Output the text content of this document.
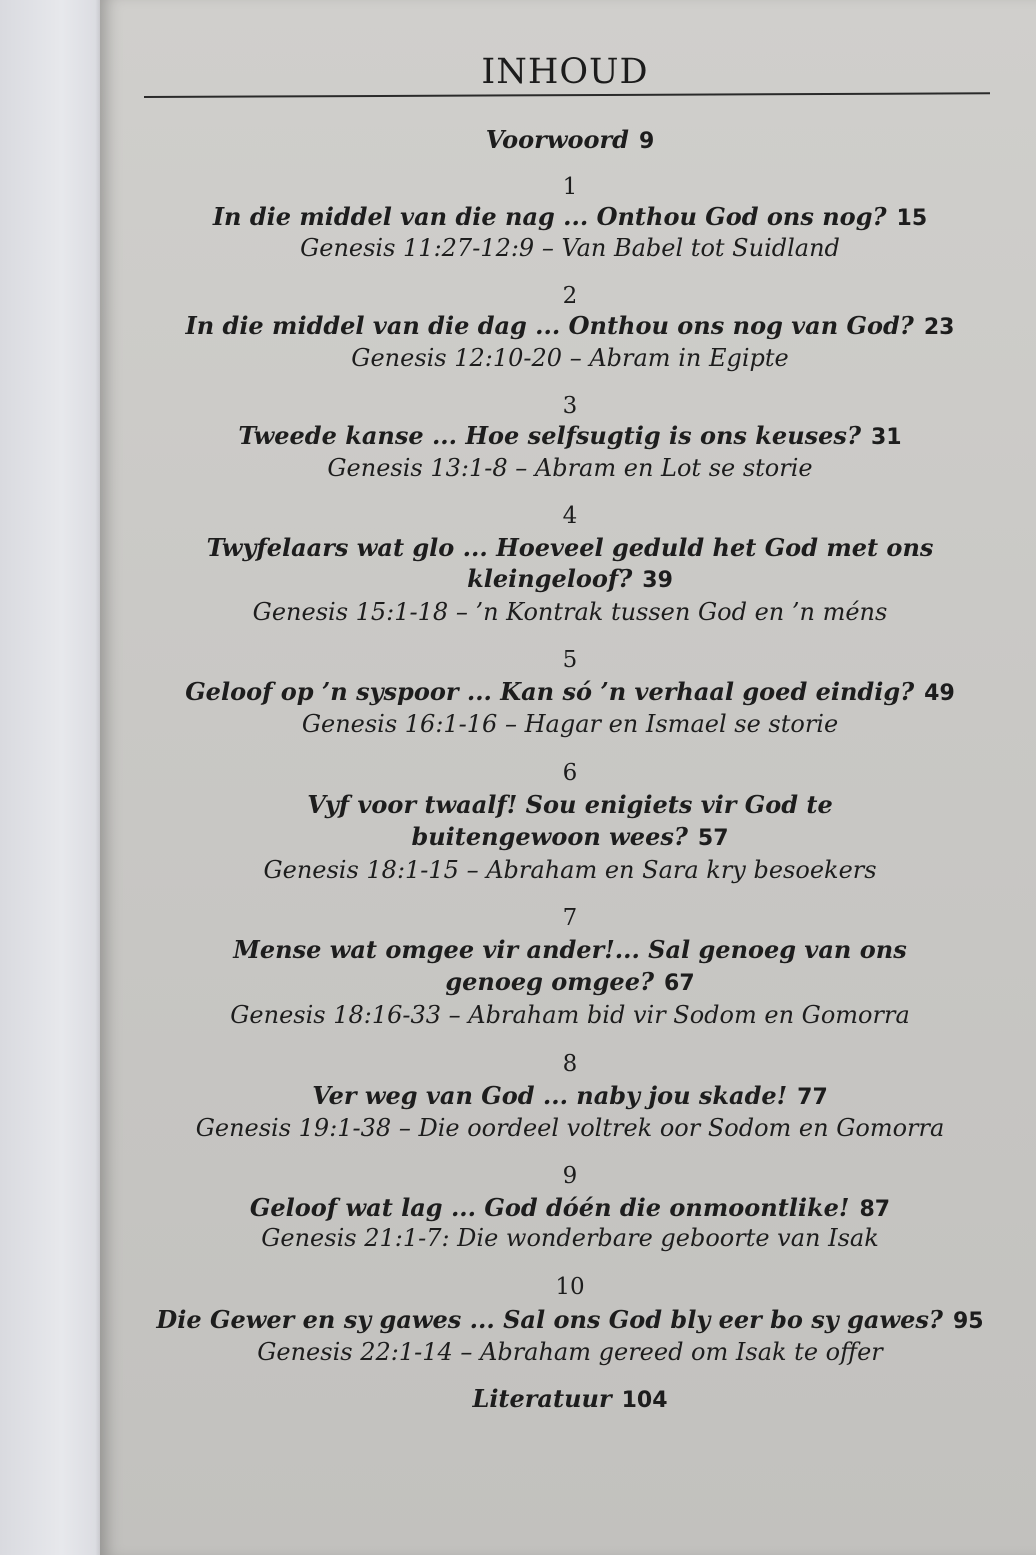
INHOUD
Voorwoord 9
1
In die middel van die nag ... Onthou God ons nog? 15
Genesis 11:27-12:9 – Van Babel tot Suidland
2
In die middel van die dag ... Onthou ons nog van God? 23
Genesis 12:10-20 – Abram in Egipte
3
Tweede kanse ... Hoe selfsugtig is ons keuses? 31
Genesis 13:1-8 – Abram en Lot se storie
4
Twyfelaars wat glo ... Hoeveel geduld het God met ons
kleingeloof? 39
Genesis 15:1-18 – ’n Kontrak tussen God en ’n méns
5
Geloof op ’n syspoor ... Kan só ’n verhaal goed eindig? 49
Genesis 16:1-16 – Hagar en Ismael se storie
6
Vyf voor twaalf! Sou enigiets vir God te
buitengewoon wees? 57
Genesis 18:1-15 – Abraham en Sara kry besoekers
7
Mense wat omgee vir ander!... Sal genoeg van ons
genoeg omgee? 67
Genesis 18:16-33 – Abraham bid vir Sodom en Gomorra
8
Ver weg van God ... naby jou skade! 77
Genesis 19:1-38 – Die oordeel voltrek oor Sodom en Gomorra
9
Geloof wat lag ... God dóén die onmoontlike! 87
Genesis 21:1-7: Die wonderbare geboorte van Isak
10
Die Gewer en sy gawes ... Sal ons God bly eer bo sy gawes? 95
Genesis 22:1-14 – Abraham gereed om Isak te offer
Literatuur 104
